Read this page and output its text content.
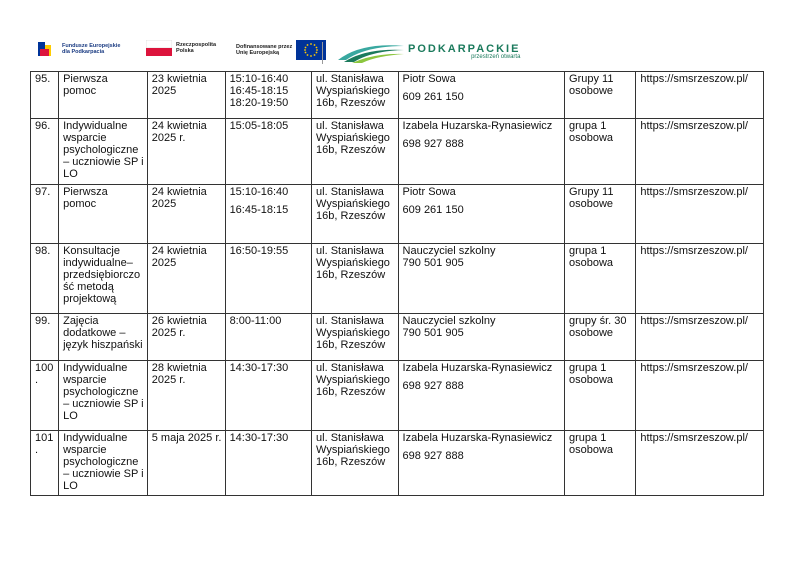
Fundusze Europejskie
dla Podkarpacia
Rzeczpospolita
Polska
Dofinansowane przez
Unię Europejską	PODKARPACKIE
przestrzeń otwarta
95.	Pierwsza pomoc	23 kwietnia 2025	15:10-16:40
16:45-18:15
18:20-19:50	ul. Stanisława Wyspiańskiego 16b, Rzeszów	Piotr Sowa
609 261 150	Grupy 11 osobowe	https://smsrzeszow.pl/
96.	Indywidualne wsparcie psychologiczne – uczniowie SP i LO	24 kwietnia 2025 r.	15:05-18:05	ul. Stanisława Wyspiańskiego 16b, Rzeszów	Izabela Huzarska-Rynasiewicz
698 927 888	grupa 1 osobowa	https://smsrzeszow.pl/
97.	Pierwsza pomoc	24 kwietnia 2025	15:10-16:40
16:45-18:15	ul. Stanisława Wyspiańskiego 16b, Rzeszów	Piotr Sowa
609 261 150	Grupy 11 osobowe	https://smsrzeszow.pl/
98.	Konsultacje indywidualne– przedsiębiorczo ść metodą projektową	24 kwietnia 2025	16:50-19:55	ul. Stanisława Wyspiańskiego 16b, Rzeszów	Nauczyciel szkolny
790 501 905	grupa 1 osobowa	https://smsrzeszow.pl/
99.	Zajęcia dodatkowe – język hiszpański	26 kwietnia 2025 r.	8:00-11:00	ul. Stanisława Wyspiańskiego 16b, Rzeszów	Nauczyciel szkolny
790 501 905	grupy śr. 30 osobowe	https://smsrzeszow.pl/
100.	Indywidualne wsparcie psychologiczne – uczniowie SP i LO	28 kwietnia 2025 r.	14:30-17:30	ul. Stanisława Wyspiańskiego 16b, Rzeszów	Izabela Huzarska-Rynasiewicz
698 927 888	grupa 1 osobowa	https://smsrzeszow.pl/
101.	Indywidualne wsparcie psychologiczne – uczniowie SP i LO	5 maja 2025 r.	14:30-17:30	ul. Stanisława Wyspiańskiego 16b, Rzeszów	Izabela Huzarska-Rynasiewicz
698 927 888	grupa 1 osobowa	https://smsrzeszow.pl/
